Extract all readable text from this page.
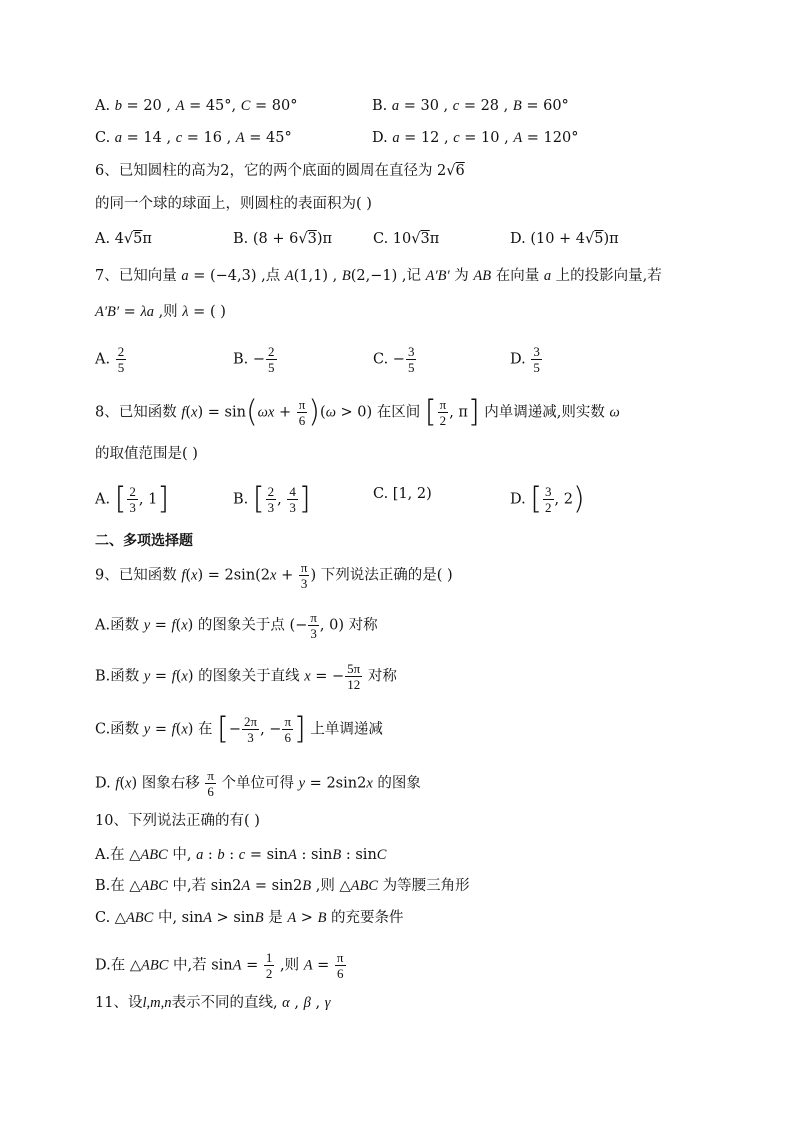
A. b = 20 , A = 45°, C = 80°	B. a = 30 , c = 28 , B = 60°
C. a = 14 , c = 16 , A = 45°	D. a = 12 , c = 10 , A = 120°
6、已知圆柱的高为2，它的两个底面的圆周在直径为 2√6
的同一个球的球面上，则圆柱的表面积为( )
A. 4√5π	B. (8 + 6√3)π	C. 10√3π	D. (10 + 4√5)π
7、已知向量 a = (−4,3) ,点 A(1,1) , B(2,−1) ,记 A′B′ 为 AB 在向量 a 上的投影向量,若
A′B′ = λa ,则 λ = ( )
A. $\frac{2}{5}$	B. − $\frac{2}{5}$	C. − $\frac{3}{5}$	D. $\frac{3}{5}$
8、已知函数 $f(x) = \sin(\omega x + \frac{\pi}{6} )(\omega > 0)$ 在区间 [ $\frac{\pi}{2}$ , π] 内单调递减,则实数 ω
的取值范围是( )
A. [ $\frac{2}{3}$ , 1]	B. [ $\frac{2}{3}$ , $\frac{4}{3}$ ]	C. [1, 2)	D. [ $\frac{3}{2}$ , 2)
二、多项选择题
9、已知函数 $f(x) = 2\sin(2x + \frac{\pi}{3}$ ) 下列说法正确的是( )
A.函数 y = f(x) 的图象关于点 (− $\frac{\pi}{3}$ , 0) 对称
B.函数 y = f(x) 的图象关于直线 x = − $\frac{5\pi}{12}$ 对称
C.函数 y = f(x) 在 [− $\frac{2\pi}{3}$ , − $\frac{\pi}{6}$ ] 上单调递减
D. f(x) 图象右移 $\frac{\pi}{6}$ 个单位可得 y = 2sin2x 的图象
10、下列说法正确的有( )
A.在 △ABC 中, a : b : c = sinA : sinB : sinC
B.在 △ABC 中,若 sin2A = sin2B ,则 △ABC 为等腰三角形
C. △ABC 中, sinA > sinB 是 A > B 的充要条件
D.在 △ABC 中,若 $\sin A = \frac{1}{2}$ ,则 $A = \frac{\pi}{6}$
11、设l,m,n表示不同的直线, α , β , γ
